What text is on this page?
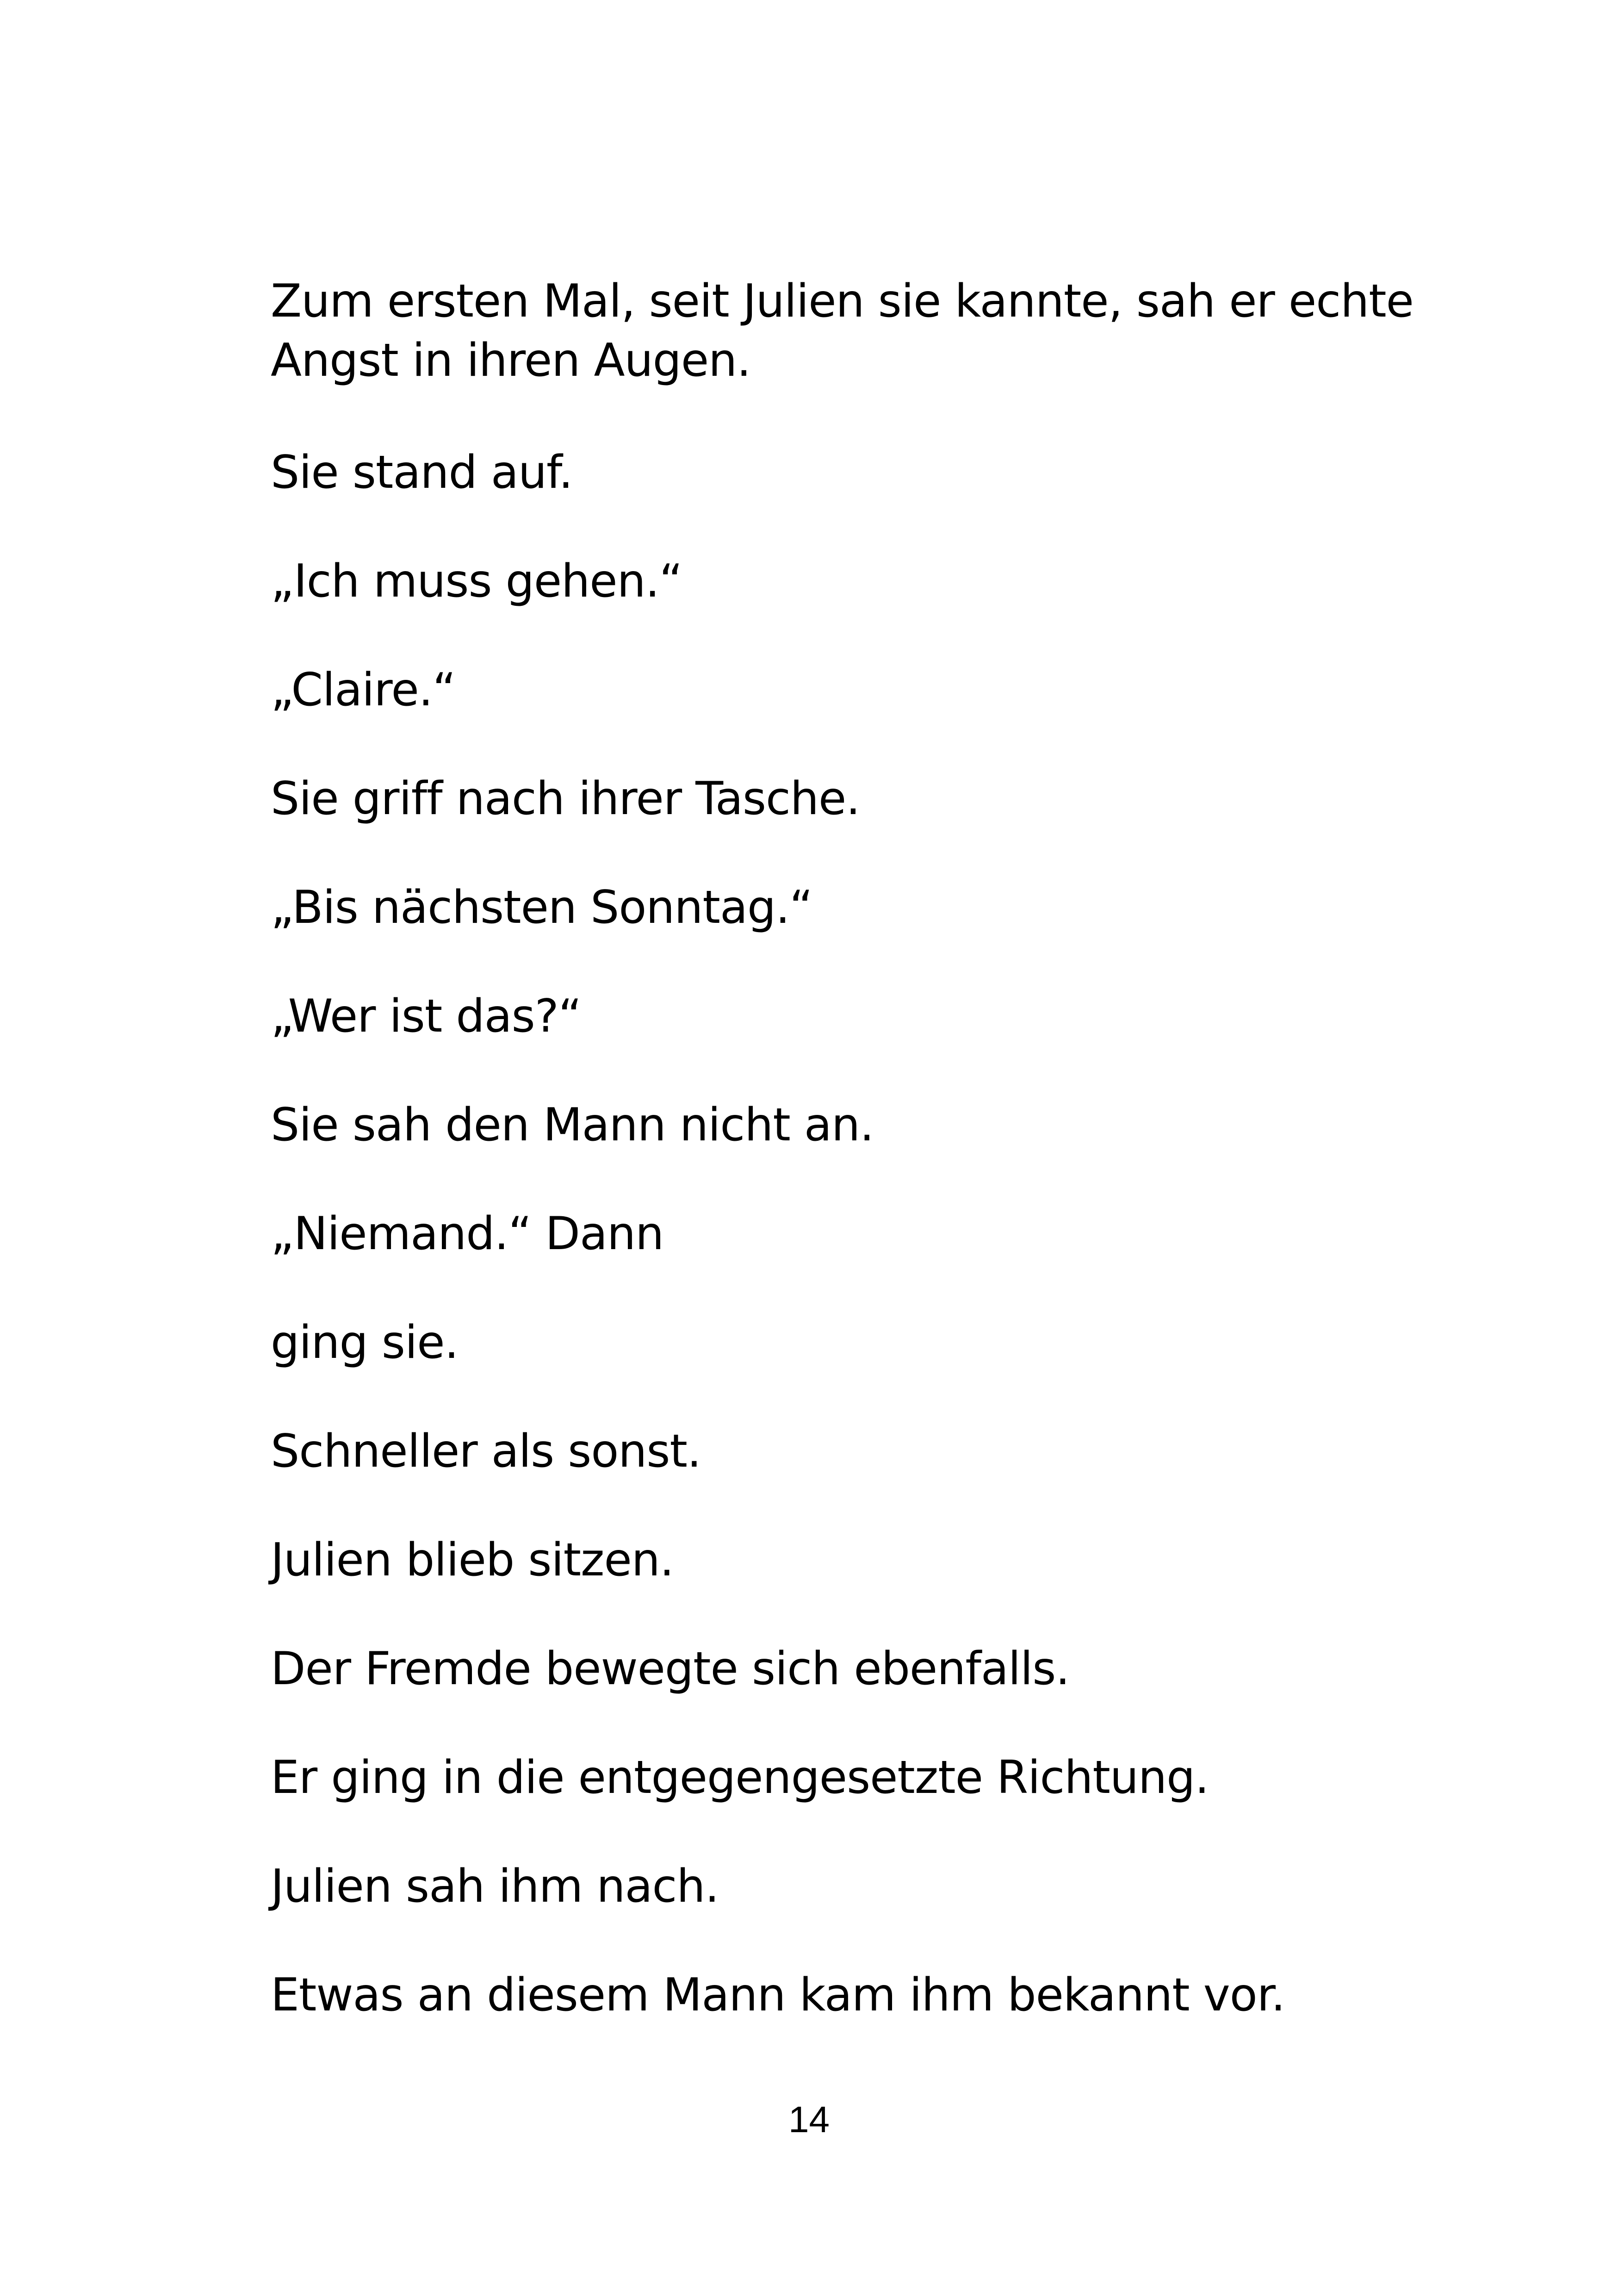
Zum ersten Mal, seit Julien sie kannte, sah er echte

Angst in ihren Augen.

Sie stand auf.

„Ich muss gehen.“

„Claire.“

Sie griff nach ihrer Tasche.

„Bis nächsten Sonntag.“

„Wer ist das?“

Sie sah den Mann nicht an.

„Niemand.“ Dann

ging sie.

Schneller als sonst.

Julien blieb sitzen.

Der Fremde bewegte sich ebenfalls.

Er ging in die entgegengesetzte Richtung.

Julien sah ihm nach.

Etwas an diesem Mann kam ihm bekannt vor.

14
